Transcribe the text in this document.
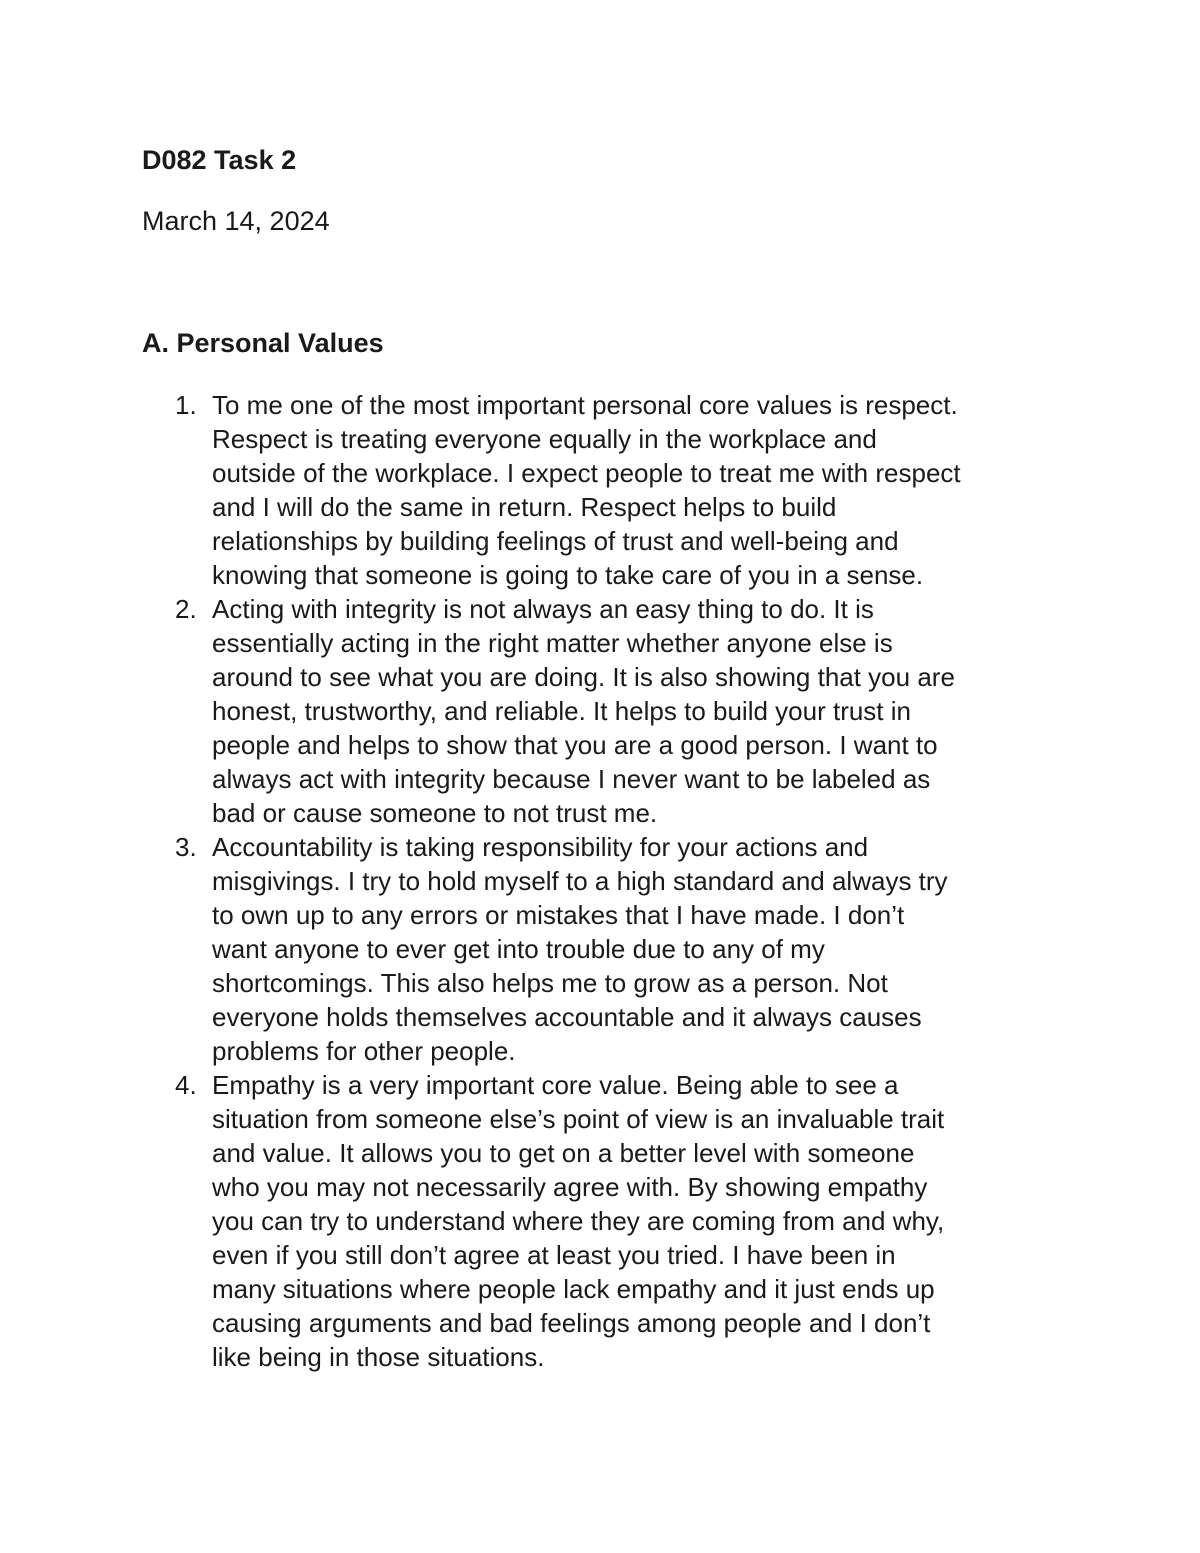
D082 Task 2

March 14, 2024

A. Personal Values
1. To me one of the most important personal core values is respect.
Respect is treating everyone equally in the workplace and
outside of the workplace. I expect people to treat me with respect
and I will do the same in return. Respect helps to build
relationships by building feelings of trust and well-being and
knowing that someone is going to take care of you in a sense.
2. Acting with integrity is not always an easy thing to do. It is
essentially acting in the right matter whether anyone else is
around to see what you are doing. It is also showing that you are
honest, trustworthy, and reliable. It helps to build your trust in
people and helps to show that you are a good person. I want to
always act with integrity because I never want to be labeled as
bad or cause someone to not trust me.
3. Accountability is taking responsibility for your actions and
misgivings. I try to hold myself to a high standard and always try
to own up to any errors or mistakes that I have made. I don’t
want anyone to ever get into trouble due to any of my
shortcomings. This also helps me to grow as a person. Not
everyone holds themselves accountable and it always causes
problems for other people.
4. Empathy is a very important core value. Being able to see a
situation from someone else’s point of view is an invaluable trait
and value. It allows you to get on a better level with someone
who you may not necessarily agree with. By showing empathy
you can try to understand where they are coming from and why,
even if you still don’t agree at least you tried. I have been in
many situations where people lack empathy and it just ends up
causing arguments and bad feelings among people and I don’t
like being in those situations.
